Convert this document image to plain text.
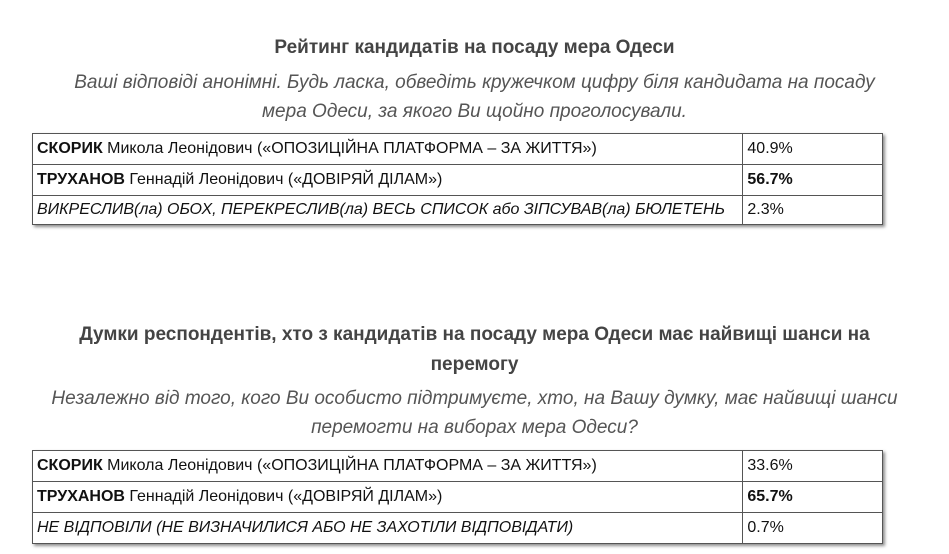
Рейтинг кандидатів на посаду мера Одеси
Ваші відповіді анонімні. Будь ласка, обведіть кружечком цифру біля кандидата на посаду
мера Одеси, за якого Ви щойно проголосували.
СКОРИК Микола Леонідович («ОПОЗИЦІЙНА ПЛАТФОРМА – ЗА ЖИТТЯ»)	40.9%
ТРУХАНОВ Геннадій Леонідович («ДОВІРЯЙ ДІЛАМ»)	56.7%
ВИКРЕСЛИВ(ла) ОБОХ, ПЕРЕКРЕСЛИВ(ла) ВЕСЬ СПИСОК або ЗІПСУВАВ(ла) БЮЛЕТЕНЬ	2.3%
Думки респондентів, хто з кандидатів на посаду мера Одеси має найвищі шанси на
перемогу
Незалежно від того, кого Ви особисто підтримуєте, хто, на Вашу думку, має найвищі шанси
перемогти на виборах мера Одеси?
СКОРИК Микола Леонідович («ОПОЗИЦІЙНА ПЛАТФОРМА – ЗА ЖИТТЯ»)	33.6%
ТРУХАНОВ Геннадій Леонідович («ДОВІРЯЙ ДІЛАМ»)	65.7%
НЕ ВІДПОВІЛИ (НЕ ВИЗНАЧИЛИСЯ АБО НЕ ЗАХОТІЛИ ВІДПОВІДАТИ)	0.7%
